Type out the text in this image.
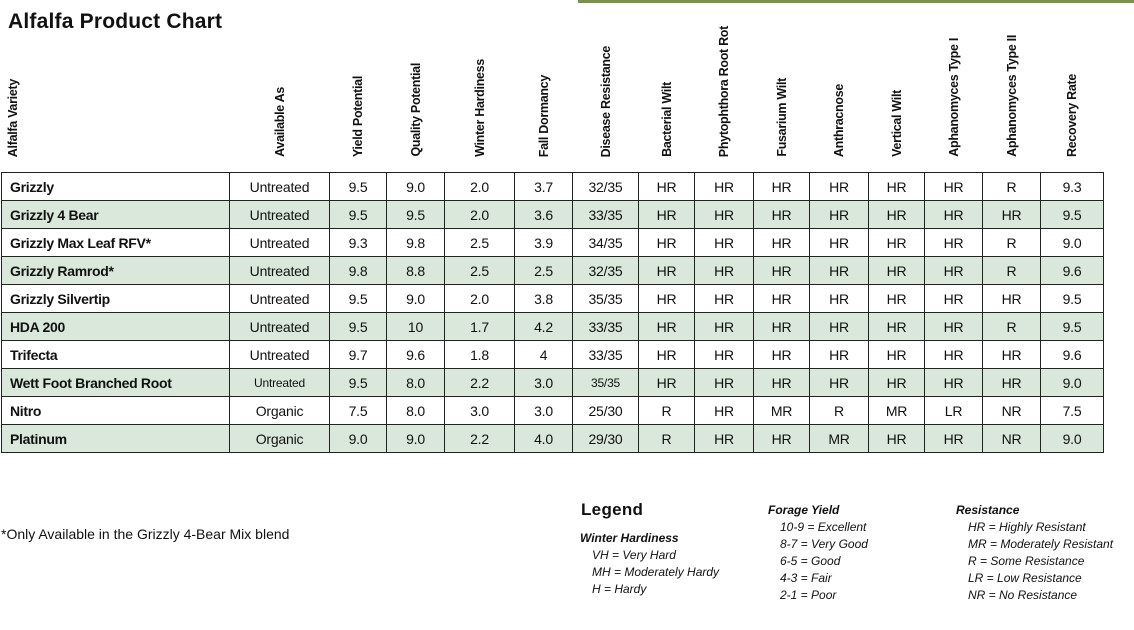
Alfalfa Variety	Available As	Yield Potential	Quality Potential	Winter Hardiness	Fall Dormancy	Disease Resistance	Bacterial Wilt	Phytophthora Root Rot	Fusarium Wilt	Anthracnose	Vertical Wilt	Aphanomyces Type I	Aphanomyces Type II	Recovery Rate
Grizzly	Untreated	9.5	9.0	2.0	3.7	32/35	HR	HR	HR	HR	HR	HR	R	9.3
Grizzly 4 Bear	Untreated	9.5	9.5	2.0	3.6	33/35	HR	HR	HR	HR	HR	HR	HR	9.5
Grizzly Max Leaf RFV*	Untreated	9.3	9.8	2.5	3.9	34/35	HR	HR	HR	HR	HR	HR	R	9.0
Grizzly Ramrod*	Untreated	9.8	8.8	2.5	2.5	32/35	HR	HR	HR	HR	HR	HR	R	9.6
Grizzly Silvertip	Untreated	9.5	9.0	2.0	3.8	35/35	HR	HR	HR	HR	HR	HR	HR	9.5
HDA 200	Untreated	9.5	10	1.7	4.2	33/35	HR	HR	HR	HR	HR	HR	R	9.5
Trifecta	Untreated	9.7	9.6	1.8	4	33/35	HR	HR	HR	HR	HR	HR	HR	9.6
Wett Foot Branched Root	Untreated	9.5	8.0	2.2	3.0	35/35	HR	HR	HR	HR	HR	HR	HR	9.0
Nitro	Organic	7.5	8.0	3.0	3.0	25/30	R	HR	MR	R	MR	LR	NR	7.5
Platinum	Organic	9.0	9.0	2.2	4.0	29/30	R	HR	HR	MR	HR	HR	NR	9.0
Alfalfa Product Chart
*Only Available in the Grizzly 4-Bear Mix blend
Legend
Winter Hardiness
VH = Very Hard
MH = Moderately Hardy
H = Hardy
Forage Yield
10-9 = Excellent
8-7 = Very Good
6-5 = Good
4-3 = Fair
2-1 = Poor
Resistance
HR = Highly Resistant
MR = Moderately Resistant
R = Some Resistance
LR = Low Resistance
NR = No Resistance
